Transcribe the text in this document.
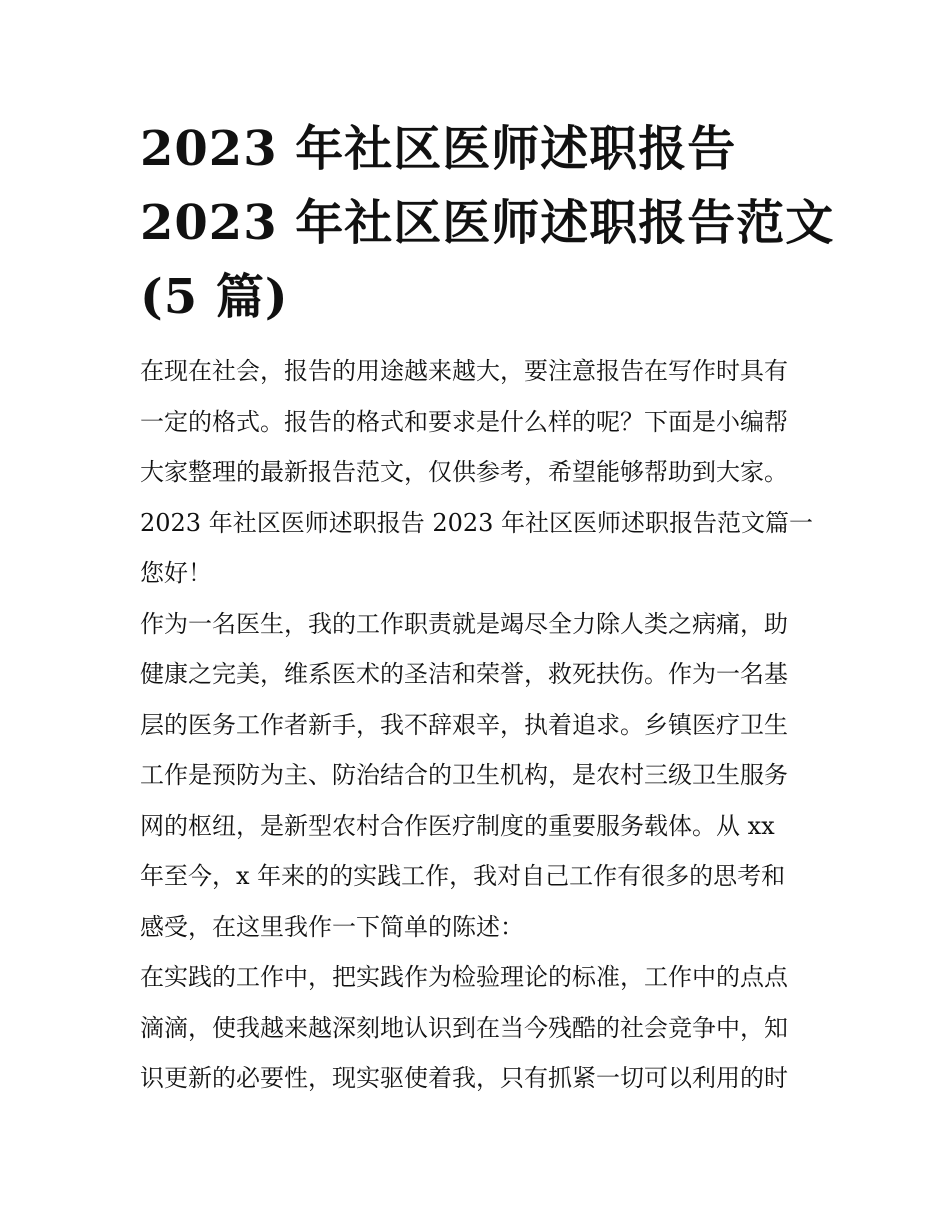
2023 年社区医师述职报告
2023 年社区医师述职报告范文
(5 篇)
在现在社会，报告的用途越来越大，要注意报告在写作时具有
一定的格式。报告的格式和要求是什么样的呢？下面是小编帮
大家整理的最新报告范文，仅供参考，希望能够帮助到大家。
2023 年社区医师述职报告 2023 年社区医师述职报告范文篇一
您好！
作为一名医生，我的工作职责就是竭尽全力除人类之病痛，助
健康之完美，维系医术的圣洁和荣誉，救死扶伤。作为一名基
层的医务工作者新手，我不辞艰辛，执着追求。乡镇医疗卫生
工作是预防为主、防治结合的卫生机构，是农村三级卫生服务
网的枢纽，是新型农村合作医疗制度的重要服务载体。从 xx
年至今，x 年来的的实践工作，我对自己工作有很多的思考和
感受，在这里我作一下简单的陈述：
在实践的工作中，把实践作为检验理论的标准，工作中的点点
滴滴，使我越来越深刻地认识到在当今残酷的社会竞争中，知
识更新的必要性，现实驱使着我，只有抓紧一切可以利用的时
